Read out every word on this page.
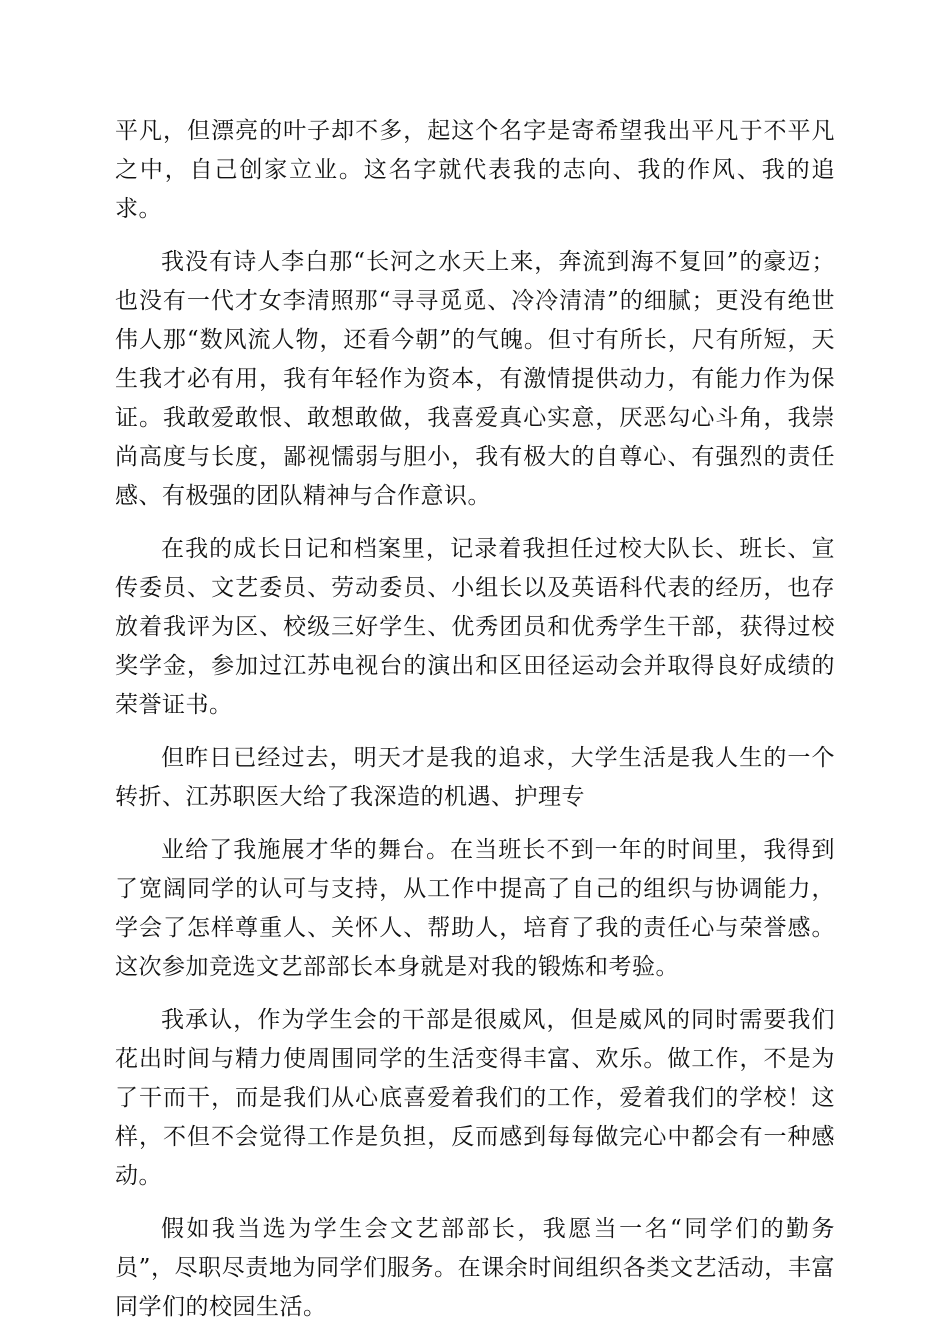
平凡，但漂亮的叶子却不多，起这个名字是寄希望我出平凡于不平凡之中，自己创家立业。这名字就代表我的志向、我的作风、我的追求。

我没有诗人李白那“长河之水天上来，奔流到海不复回”的豪迈；也没有一代才女李清照那“寻寻觅觅、冷冷清清”的细腻；更没有绝世伟人那“数风流人物，还看今朝”的气魄。但寸有所长，尺有所短，天生我才必有用，我有年轻作为资本，有激情提供动力，有能力作为保证。我敢爱敢恨、敢想敢做，我喜爱真心实意，厌恶勾心斗角，我崇尚高度与长度，鄙视懦弱与胆小，我有极大的自尊心、有强烈的责任感、有极强的团队精神与合作意识。

在我的成长日记和档案里，记录着我担任过校大队长、班长、宣传委员、文艺委员、劳动委员、小组长以及英语科代表的经历，也存放着我评为区、校级三好学生、优秀团员和优秀学生干部，获得过校奖学金，参加过江苏电视台的演出和区田径运动会并取得良好成绩的荣誉证书。

但昨日已经过去，明天才是我的追求，大学生活是我人生的一个转折、江苏职医大给了我深造的机遇、护理专

业给了我施展才华的舞台。在当班长不到一年的时间里，我得到了宽阔同学的认可与支持，从工作中提高了自己的组织与协调能力，学会了怎样尊重人、关怀人、帮助人，培育了我的责任心与荣誉感。这次参加竞选文艺部部长本身就是对我的锻炼和考验。

我承认，作为学生会的干部是很威风，但是威风的同时需要我们花出时间与精力使周围同学的生活变得丰富、欢乐。做工作，不是为了干而干，而是我们从心底喜爱着我们的工作，爱着我们的学校！这样，不但不会觉得工作是负担，反而感到每每做完心中都会有一种感动。

假如我当选为学生会文艺部部长，我愿当一名“同学们的勤务员”，尽职尽责地为同学们服务。在课余时间组织各类文艺活动，丰富同学们的校园生活。
